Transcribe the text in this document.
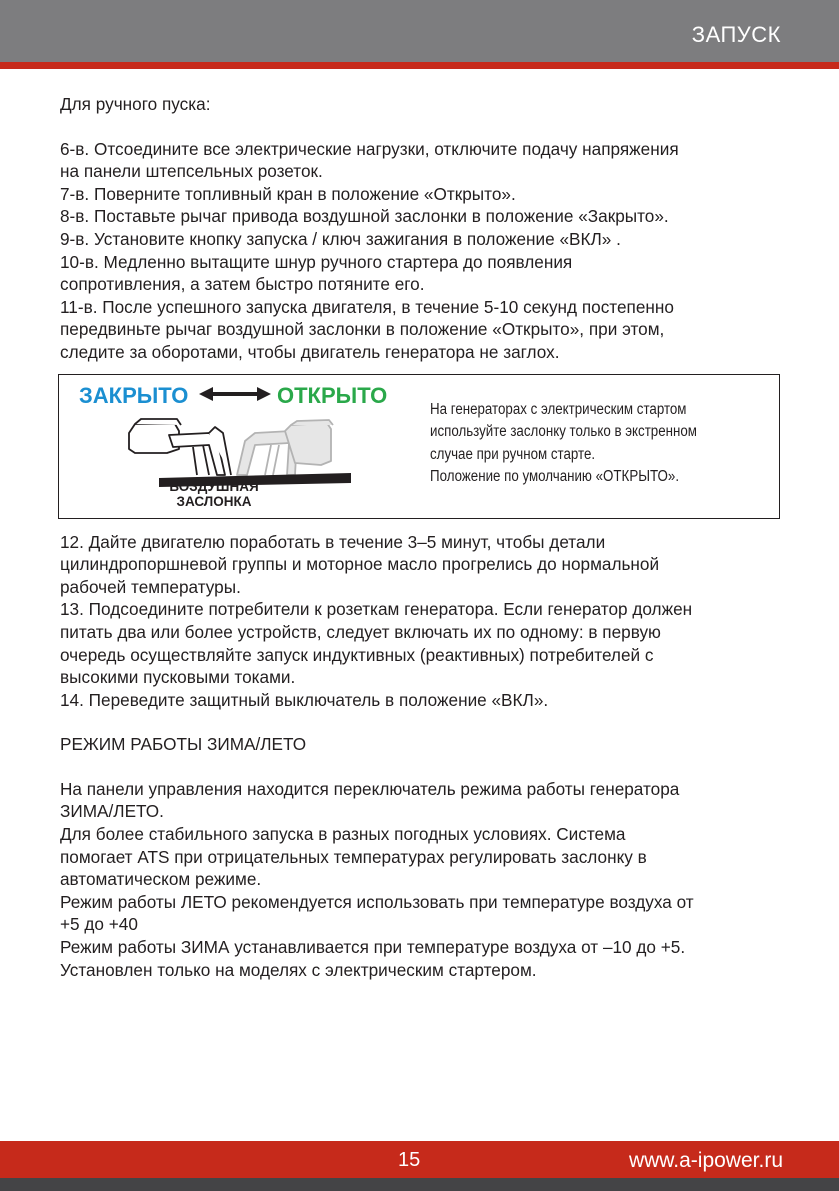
ЗАПУСК

Для ручного пуска:

6-в. Отсоедините все электрические нагрузки, отключите подачу напряжения

на панели штепсельных розеток.

7-в. Поверните топливный кран в положение «Открыто».

8-в. Поставьте рычаг привода воздушной заслонки в положение «Закрыто».

9-в. Установите кнопку запуска / ключ зажигания в положение «ВКЛ» .

10-в. Медленно вытащите шнур ручного стартера до появления

сопротивления, а затем быстро потяните его.

11-в. После успешного запуска двигателя, в течение 5-10 секунд постепенно

передвиньте рычаг воздушной заслонки в положение «Открыто», при этом,

следите за оборотами, чтобы двигатель генератора не заглох.

ЗАКРЫТО	ОТКРЫТО
ВОЗДУШНАЯ
ЗАСЛОНКА
На генераторах с электрическим стартом
используйте заслонку только в экстренном
случае при ручном старте.
Положение по умолчанию «ОТКРЫТО».

12. Дайте двигателю поработать в течение 3–5 минут, чтобы детали

цилиндропоршневой группы и моторное масло прогрелись до нормальной

рабочей температуры.

13. Подсоедините потребители к розеткам генератора. Если генератор должен

питать два или более устройств, следует включать их по одному: в первую

очередь осуществляйте запуск индуктивных (реактивных) потребителей с

высокими пусковыми токами.

14. Переведите защитный выключатель в положение «ВКЛ».

РЕЖИМ РАБОТЫ ЗИМА/ЛЕТО

На панели управления находится переключатель режима работы генератора

ЗИМА/ЛЕТО.

Для более стабильного запуска в разных погодных условиях. Система

помогает ATS при отрицательных температурах регулировать заслонку в

автоматическом режиме.

Режим работы ЛЕТО рекомендуется использовать при температуре воздуха от

+5 до +40

Режим работы ЗИМА устанавливается при температуре воздуха от –10 до +5.

Установлен только на моделях с электрическим стартером.

15	www.a-ipower.ru
